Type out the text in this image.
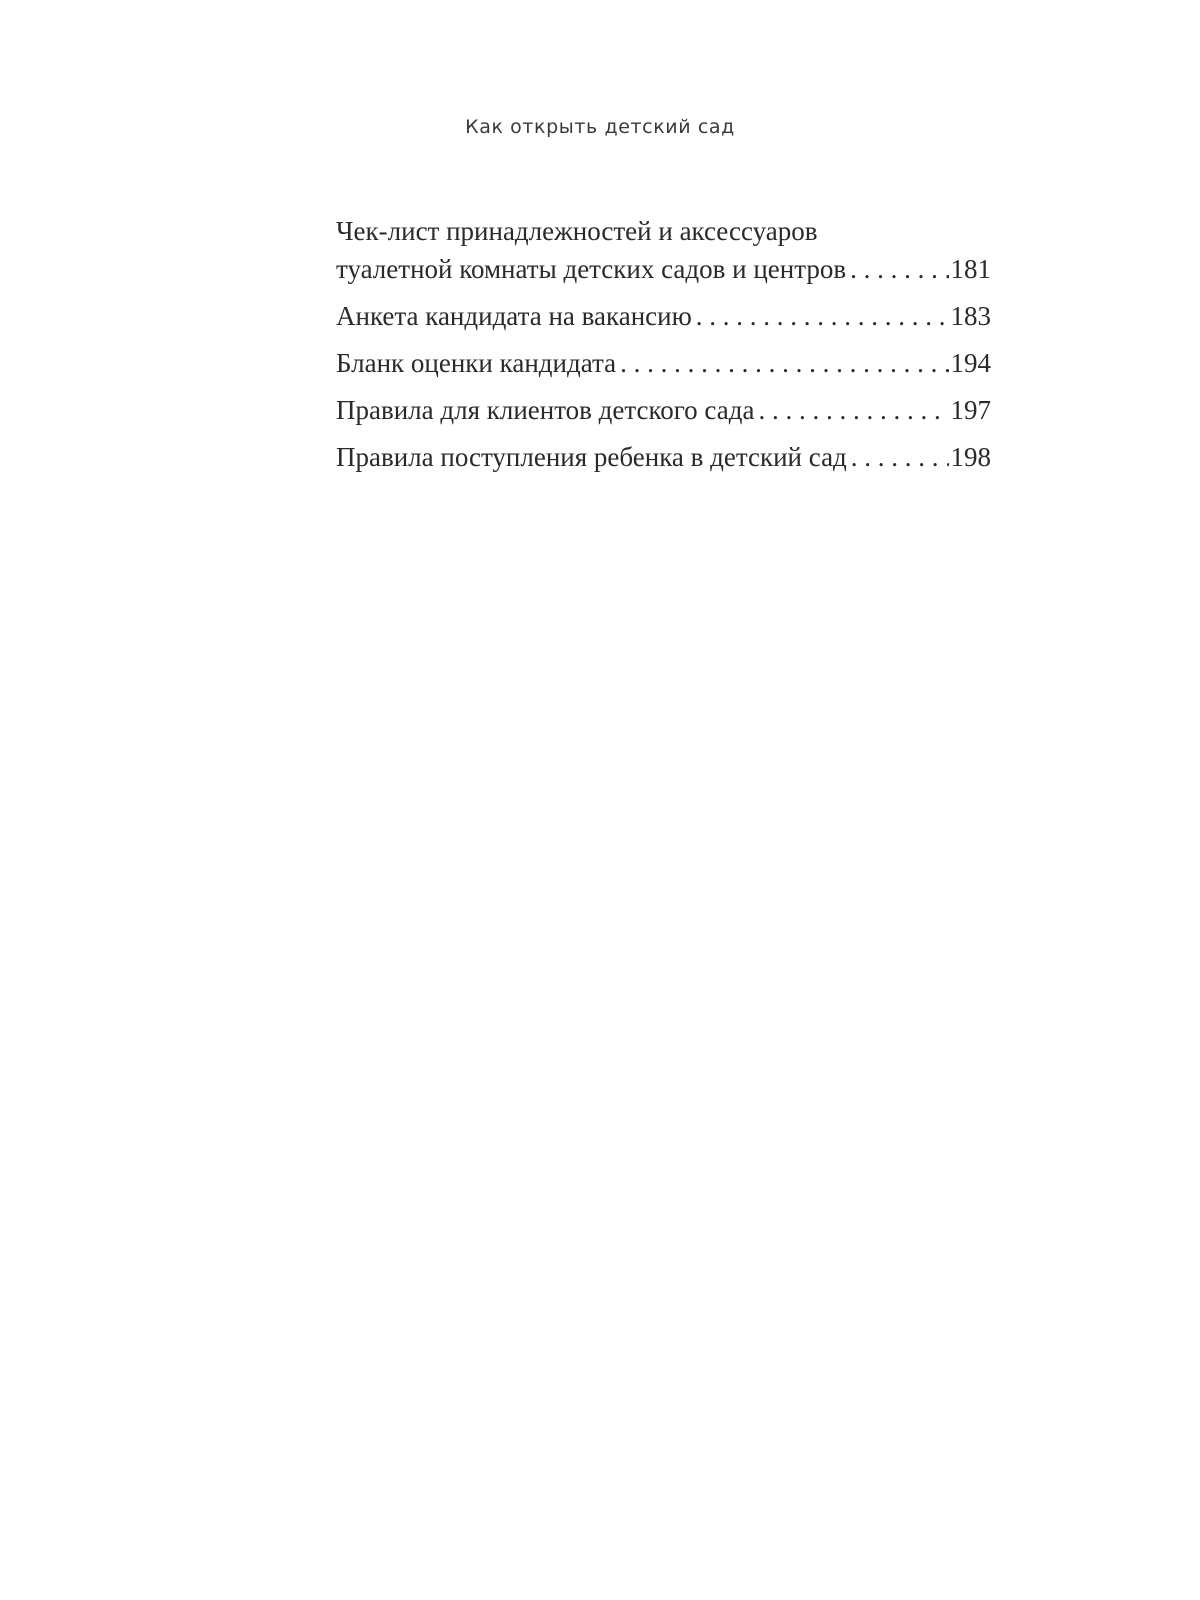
Как открыть детский сад
Чек-лист принадлежностей и аксессуаров
туалетной комнаты детских садов и центров . . .	181
Анкета кандидата на вакансию . . .	183
Бланк оценки кандидата . . .	194
Правила для клиентов детского сада . . .	197
Правила поступления ребенка в детский сад . . .	198
